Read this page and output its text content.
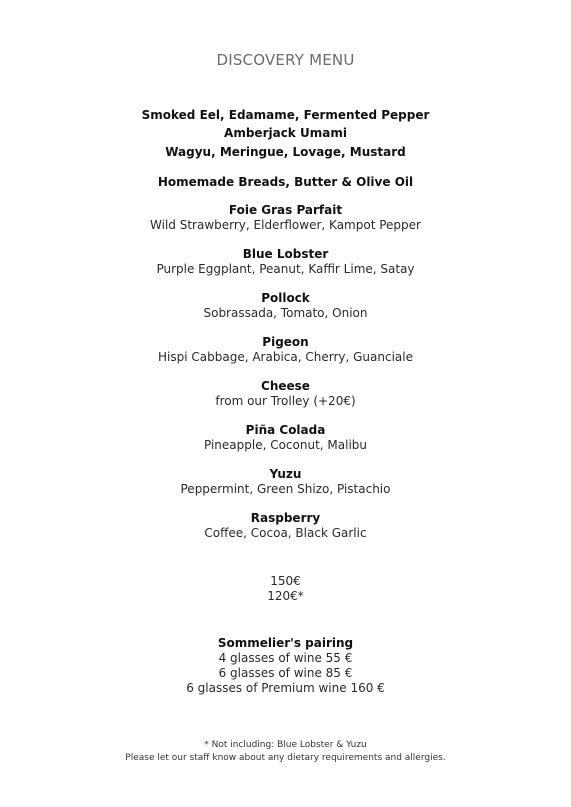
DISCOVERY MENU
Smoked Eel, Edamame, Fermented Pepper
Amberjack Umami
Wagyu, Meringue, Lovage, Mustard
Homemade Breads, Butter & Olive Oil
Foie Gras Parfait
Wild Strawberry, Elderflower, Kampot Pepper
Blue Lobster
Purple Eggplant, Peanut, Kaffir Lime, Satay
Pollock
Sobrassada, Tomato, Onion
Pigeon
Hispi Cabbage, Arabica, Cherry, Guanciale
Cheese
from our Trolley (+20€)
Piña Colada
Pineapple, Coconut, Malibu
Yuzu
Peppermint, Green Shizo, Pistachio
Raspberry
Coffee, Cocoa, Black Garlic
150€
120€*
Sommelier's pairing
4 glasses of wine 55 €
6 glasses of wine 85 €
6 glasses of Premium wine 160 €
* Not including: Blue Lobster & Yuzu
Please let our staff know about any dietary requirements and allergies.
